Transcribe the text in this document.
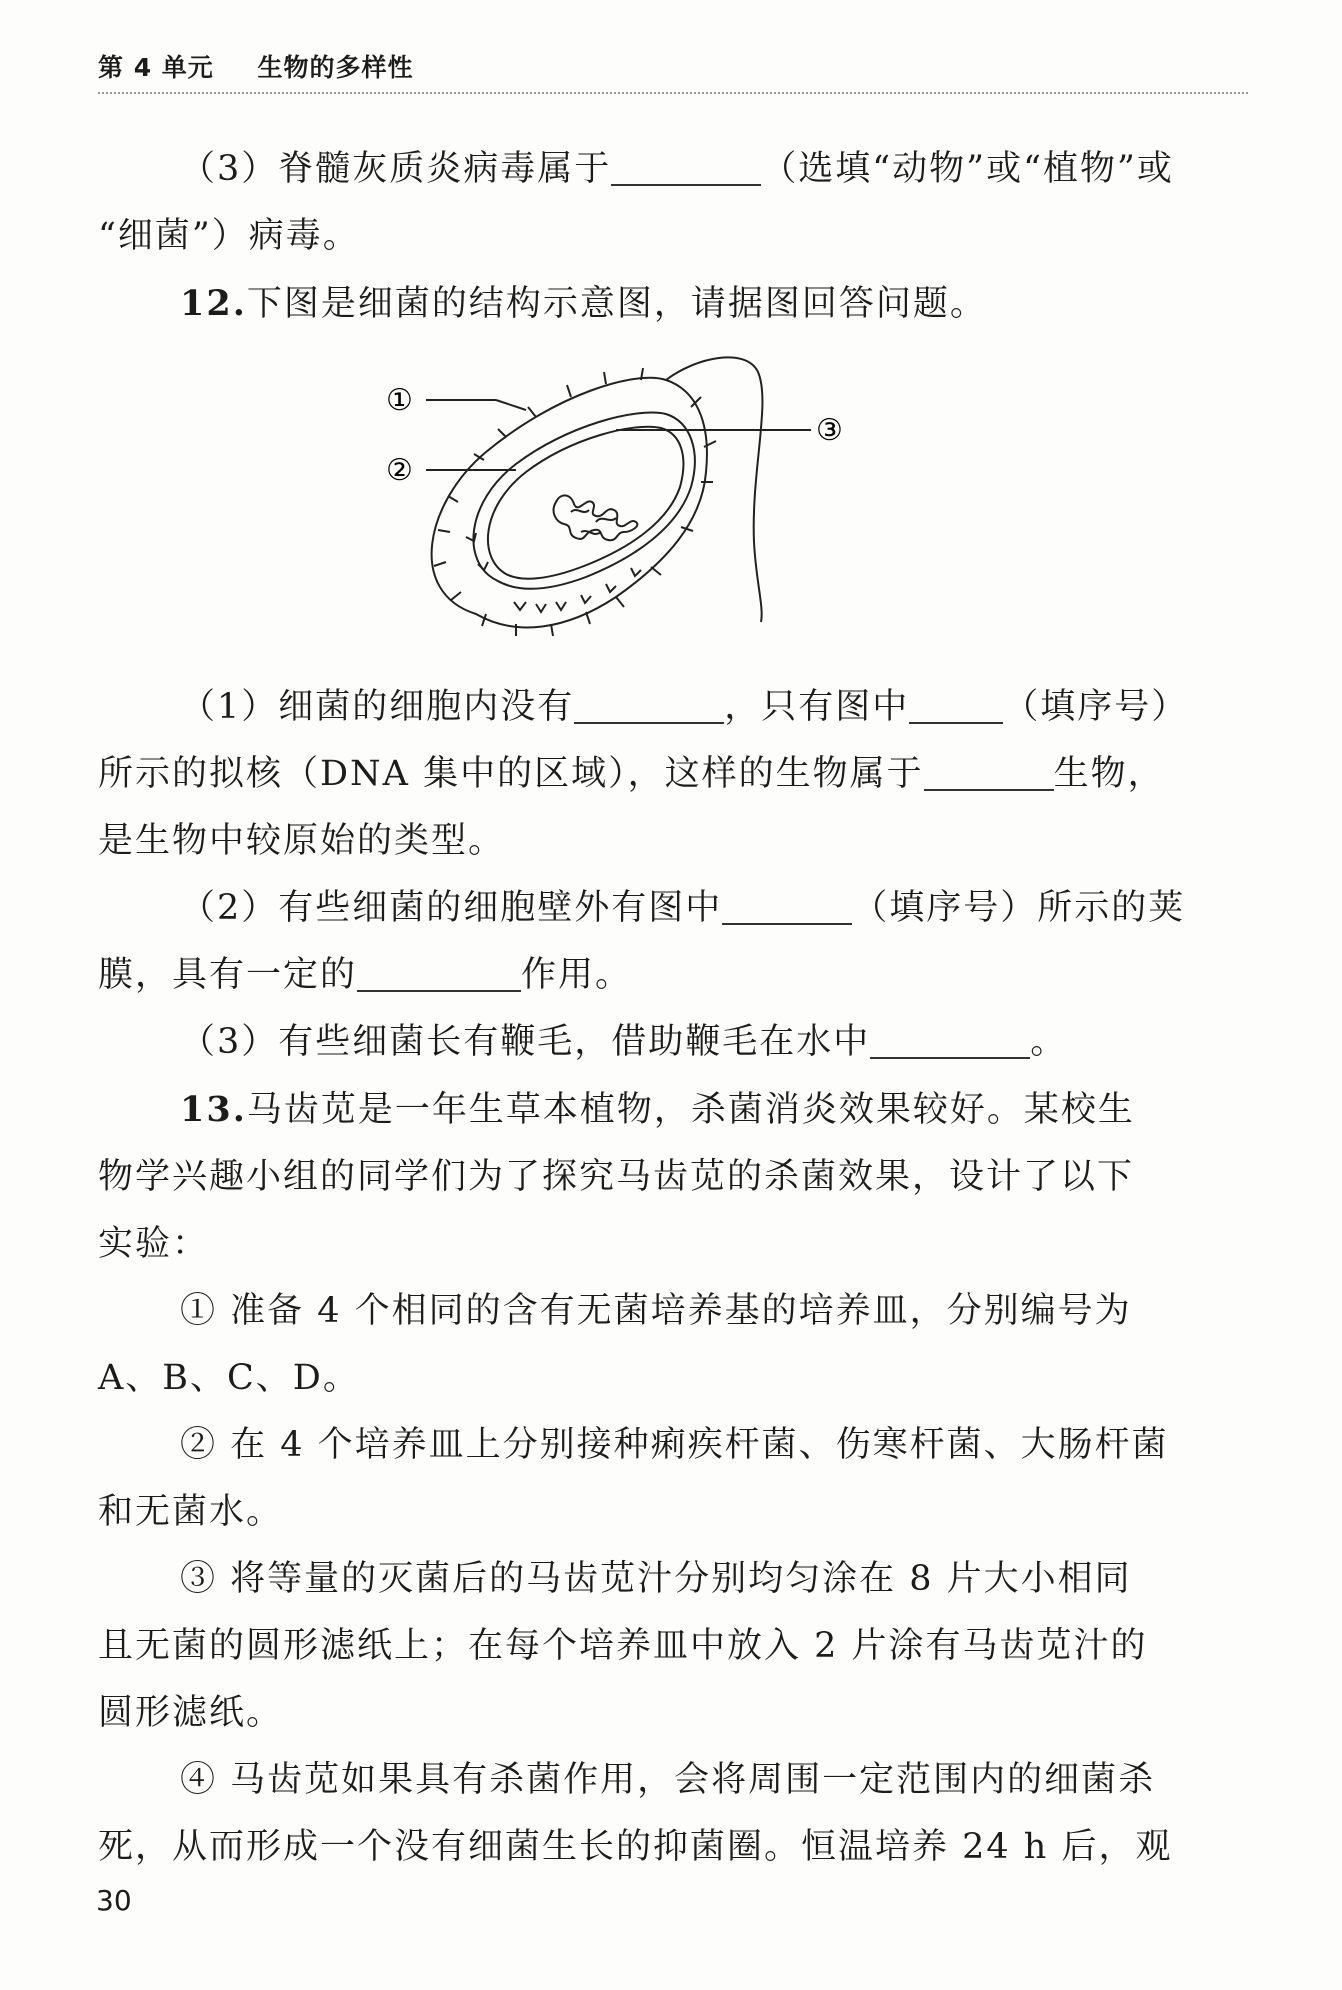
第 4 单元 生物的多样性

（3）脊髓灰质炎病毒属于	（选填“动物”或“植物”或

“细菌”）病毒。

12.下图是细菌的结构示意图，请据图回答问题。

①
②
③

（1）细菌的细胞内没有	，只有图中	（填序号）

所示的拟核（DNA 集中的区域），这样的生物属于	生物，

是生物中较原始的类型。

（2）有些细菌的细胞壁外有图中	（填序号）所示的荚

膜，具有一定的	作用。

（3）有些细菌长有鞭毛，借助鞭毛在水中	。

13.马齿苋是一年生草本植物，杀菌消炎效果较好。某校生

物学兴趣小组的同学们为了探究马齿苋的杀菌效果，设计了以下

实验：

① 准备 4 个相同的含有无菌培养基的培养皿，分别编号为

A、B、C、D。

② 在 4 个培养皿上分别接种痢疾杆菌、伤寒杆菌、大肠杆菌

和无菌水。

③ 将等量的灭菌后的马齿苋汁分别均匀涂在 8 片大小相同

且无菌的圆形滤纸上；在每个培养皿中放入 2 片涂有马齿苋汁的

圆形滤纸。

④ 马齿苋如果具有杀菌作用，会将周围一定范围内的细菌杀

死，从而形成一个没有细菌生长的抑菌圈。恒温培养 24 h 后，观

30
